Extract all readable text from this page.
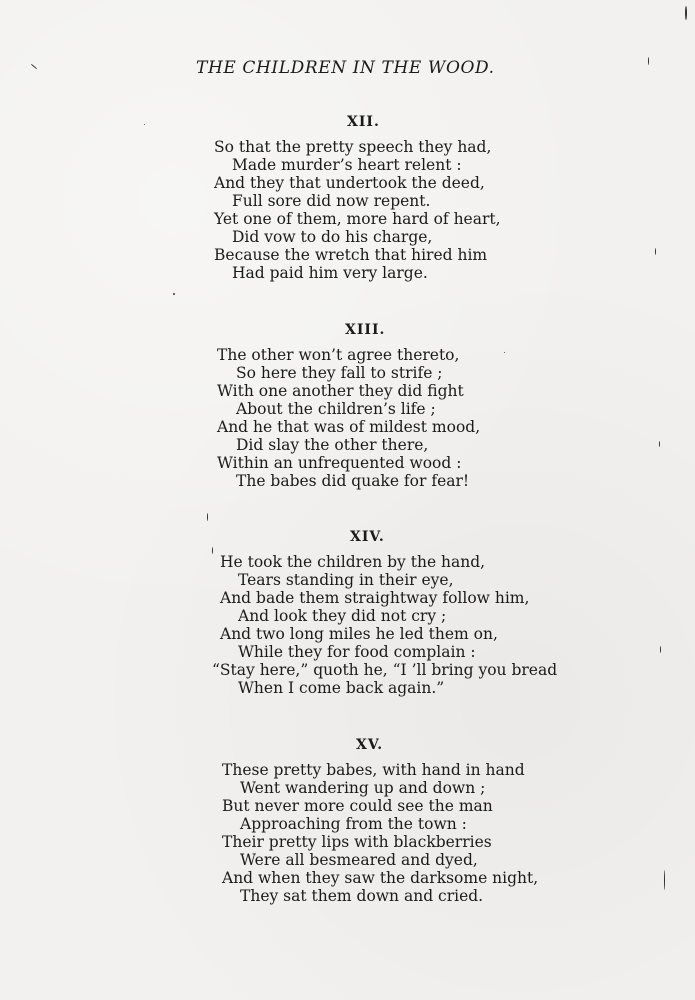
THE CHILDREN IN THE WOOD.
XII.
So that the pretty speech they had,
Made murder’s heart relent :
And they that undertook the deed,
Full sore did now repent.
Yet one of them, more hard of heart,
Did vow to do his charge,
Because the wretch that hired him
Had paid him very large.
XIII.
The other won’t agree thereto,
So here they fall to strife ;
With one another they did fight
About the children’s life ;
And he that was of mildest mood,
Did slay the other there,
Within an unfrequented wood :
The babes did quake for fear!
XIV.
He took the children by the hand,
Tears standing in their eye,
And bade them straightway follow him,
And look they did not cry ;
And two long miles he led them on,
While they for food complain :
“Stay here,” quoth he, “I ’ll bring you bread
When I come back again.”
XV.
These pretty babes, with hand in hand
Went wandering up and down ;
But never more could see the man
Approaching from the town :
Their pretty lips with blackberries
Were all besmeared and dyed,
And when they saw the darksome night,
They sat them down and cried.
